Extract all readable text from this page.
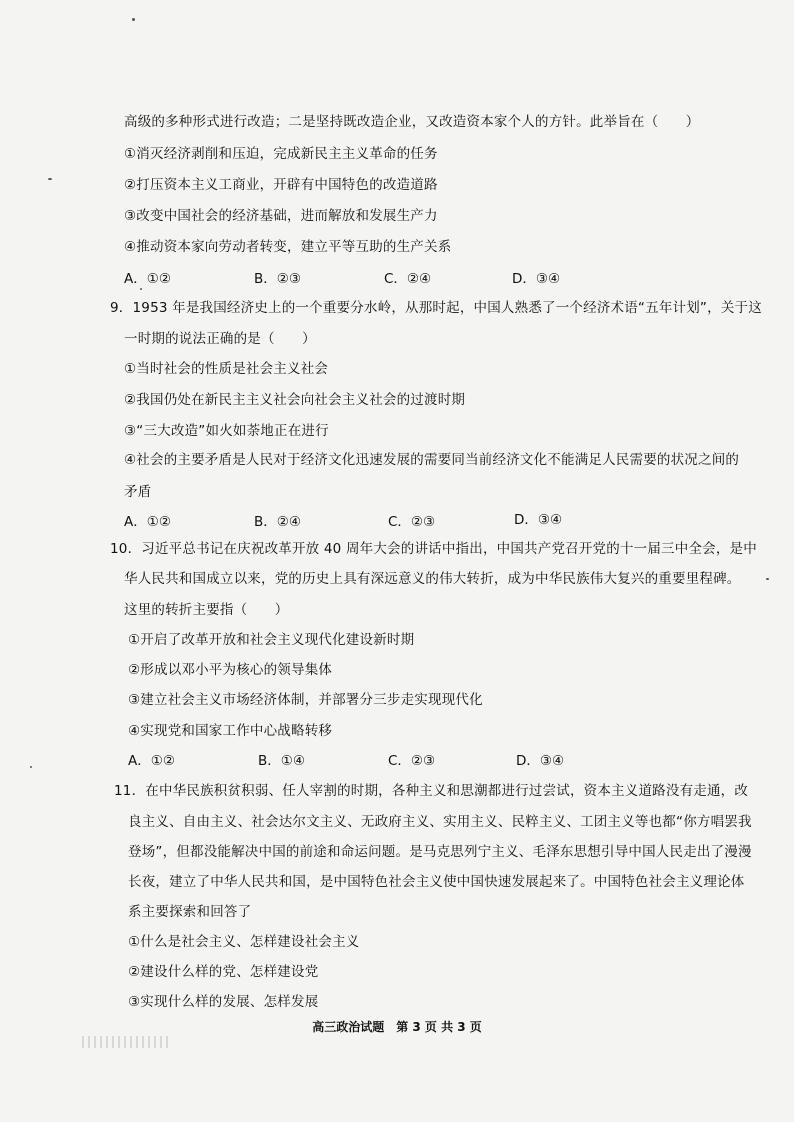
高级的多种形式进行改造；二是坚持既改造企业，又改造资本家个人的方针。此举旨在（　　）
①消灭经济剥削和压迫，完成新民主主义革命的任务
②打压资本主义工商业，开辟有中国特色的改造道路
③改变中国社会的经济基础，进而解放和发展生产力
④推动资本家向劳动者转变，建立平等互助的生产关系
A．①②	B．②③	C．②④	D．③④
9．1953 年是我国经济史上的一个重要分水岭，从那时起，中国人熟悉了一个经济术语“五年计划”，关于这
一时期的说法正确的是（　　）
①当时社会的性质是社会主义社会
②我国仍处在新民主主义社会向社会主义社会的过渡时期
③“三大改造”如火如荼地正在进行
④社会的主要矛盾是人民对于经济文化迅速发展的需要同当前经济文化不能满足人民需要的状况之间的
矛盾
A．①②	B．②④	C．②③	D．③④
10．习近平总书记在庆祝改革开放 40 周年大会的讲话中指出，中国共产党召开党的十一届三中全会，是中
华人民共和国成立以来，党的历史上具有深远意义的伟大转折，成为中华民族伟大复兴的重要里程碑。
这里的转折主要指（　　）
①开启了改革开放和社会主义现代化建设新时期
②形成以邓小平为核心的领导集体
③建立社会主义市场经济体制，并部署分三步走实现现代化
④实现党和国家工作中心战略转移
A．①②	B．①④	C．②③	D．③④
11．在中华民族积贫积弱、任人宰割的时期，各种主义和思潮都进行过尝试，资本主义道路没有走通，改
良主义、自由主义、社会达尔文主义、无政府主义、实用主义、民粹主义、工团主义等也都“你方唱罢我
登场”，但都没能解决中国的前途和命运问题。是马克思列宁主义、毛泽东思想引导中国人民走出了漫漫
长夜，建立了中华人民共和国，是中国特色社会主义使中国快速发展起来了。中国特色社会主义理论体
系主要探索和回答了
①什么是社会主义、怎样建设社会主义
②建设什么样的党、怎样建设党
③实现什么样的发展、怎样发展
高三政治试题　第 3 页 共 3 页
